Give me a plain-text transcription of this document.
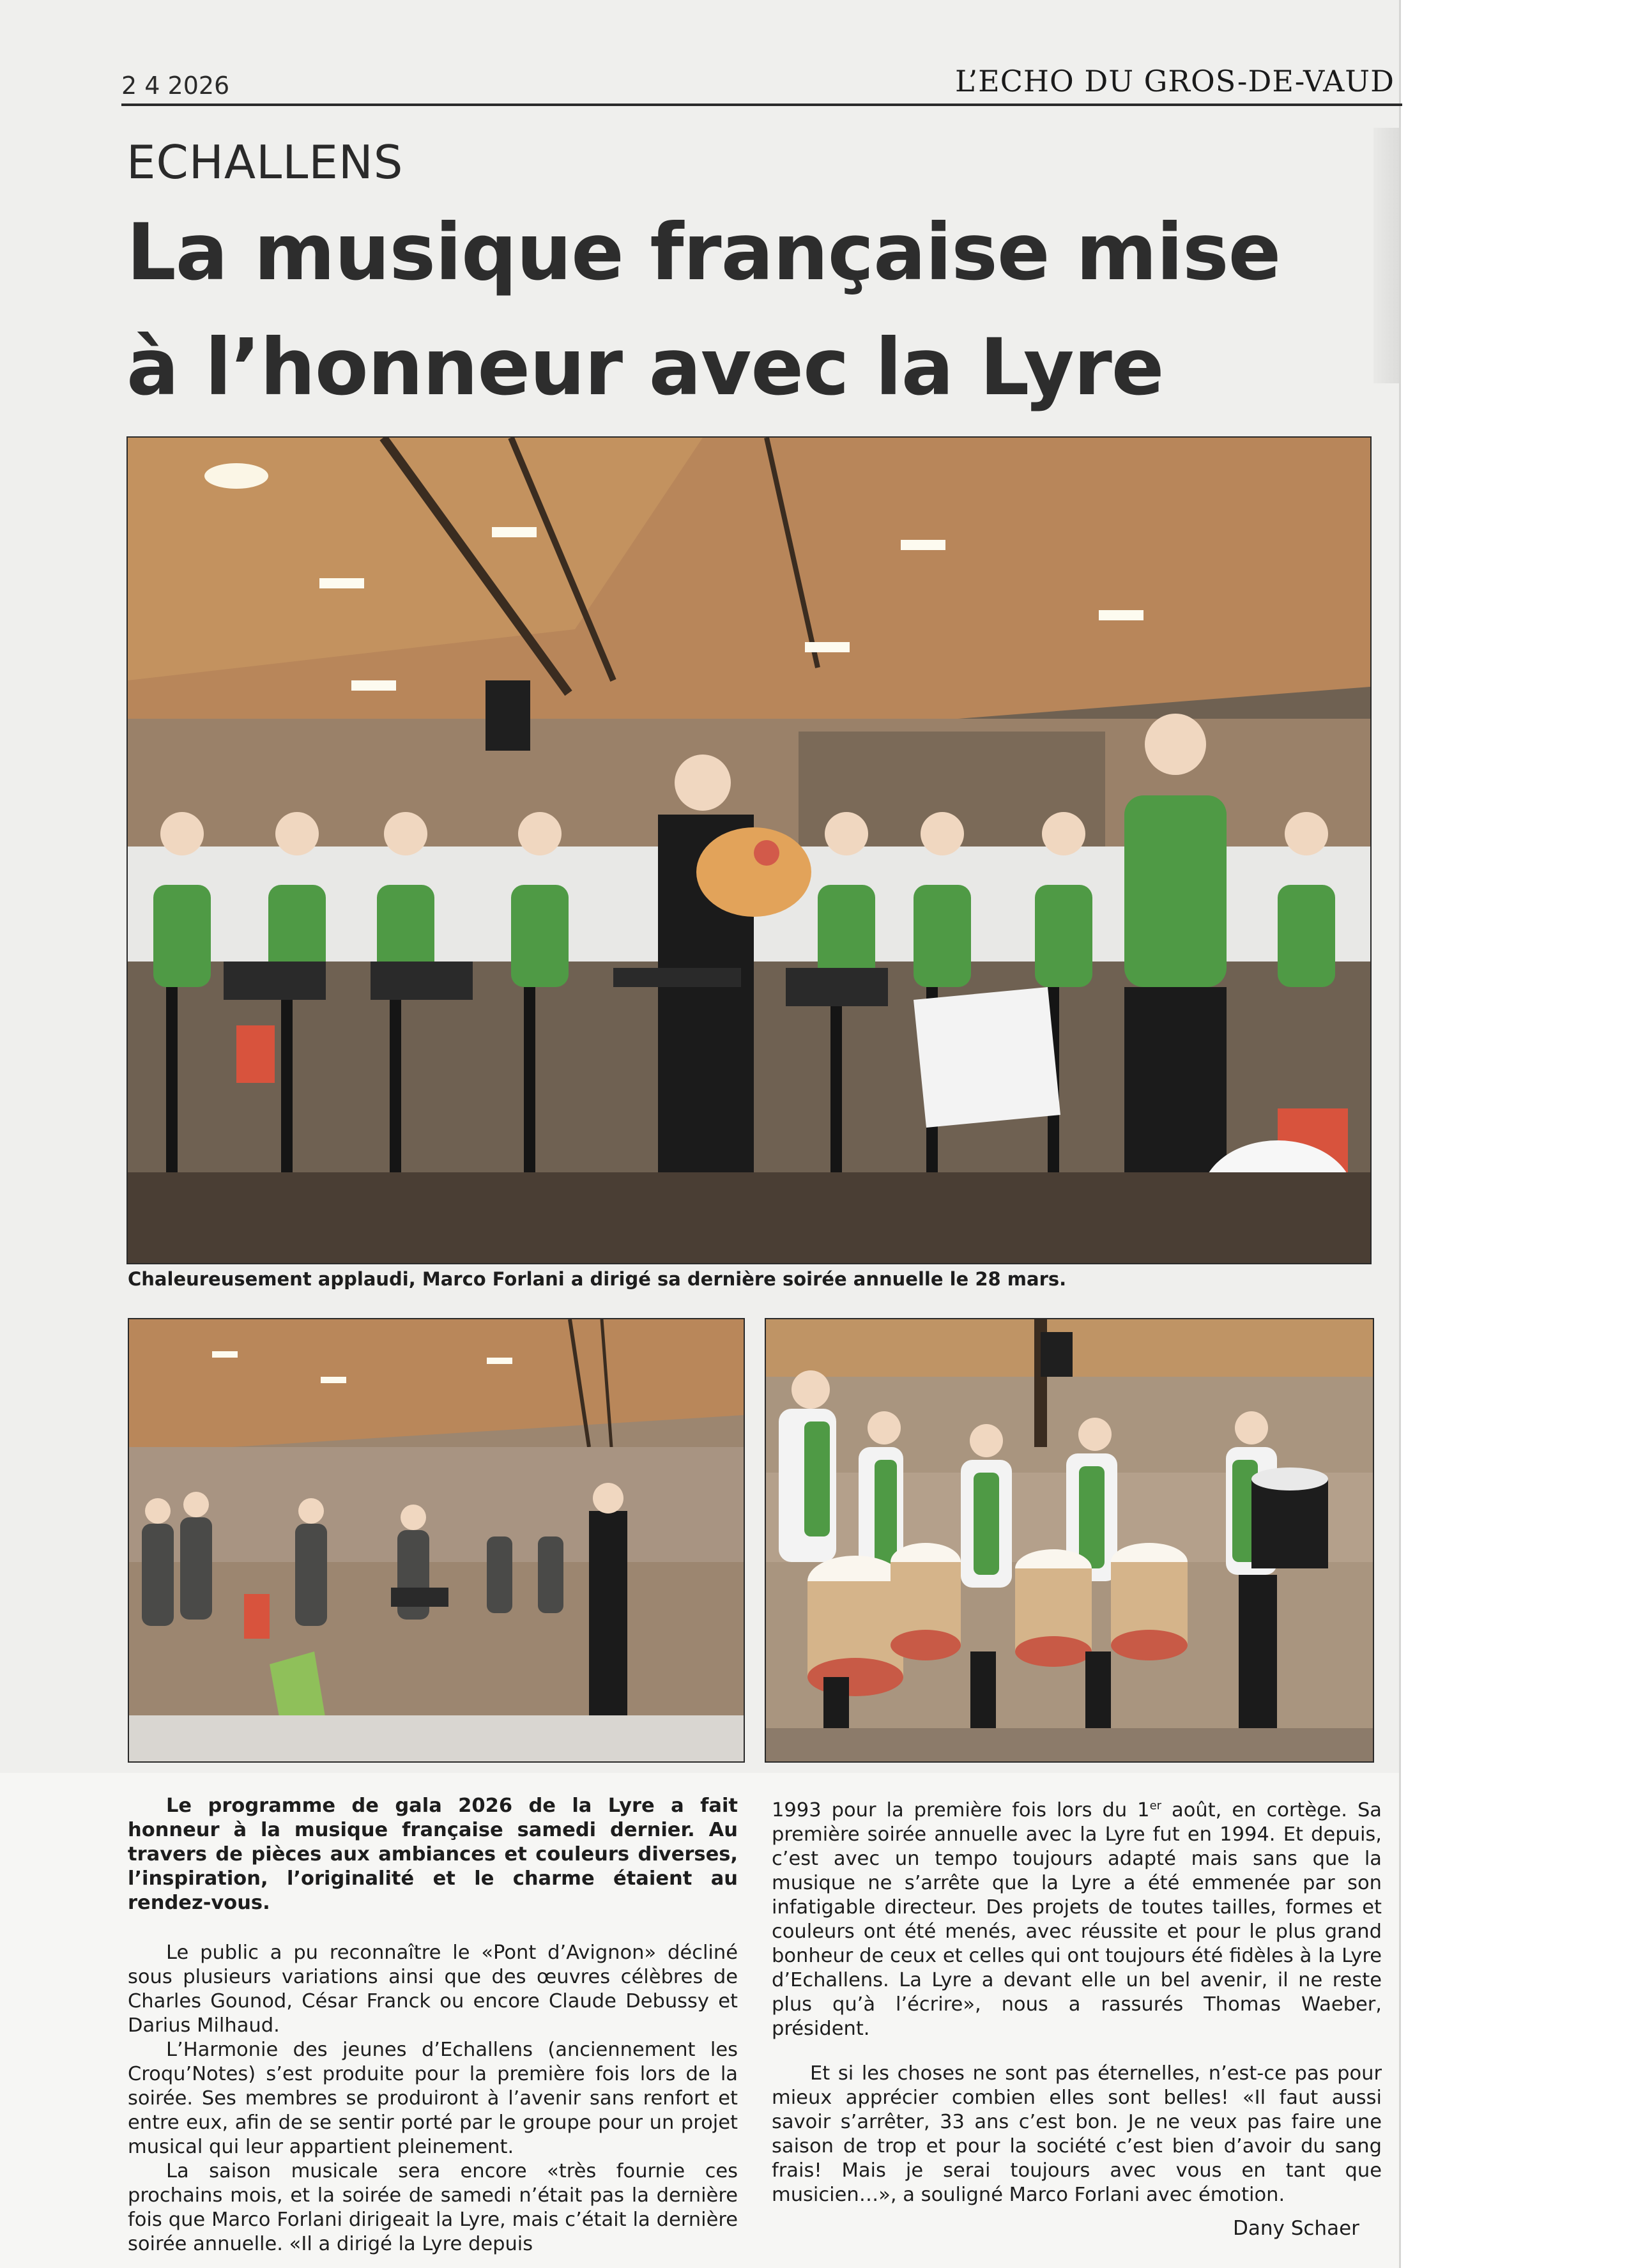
2 4 2026	L’ECHO DU GROS-DE-VAUD
ECHALLENS
La musique française mise
à l’honneur avec la Lyre
Chaleureusement applaudi, Marco Forlani a dirigé sa dernière soirée annuelle le 28 mars.

Le programme de gala 2026 de la Lyre a fait honneur à la musique française samedi dernier. Au travers de pièces aux ambiances et couleurs diverses, l’inspiration, l’originalité et le charme étaient au rendez-vous.

Le public a pu reconnaître le «Pont d’Avignon» décliné sous plusieurs variations ainsi que des œuvres célèbres de Charles Gounod, César Franck ou encore Claude Debussy et Darius Milhaud.

L’Harmonie des jeunes d’Echallens (anciennement les Croqu’Notes) s’est produite pour la première fois lors de la soirée. Ses membres se produiront à l’avenir sans renfort et entre eux, afin de se sentir porté par le groupe pour un projet musical qui leur appartient pleinement.

La saison musicale sera encore «très fournie ces prochains mois, et la soirée de samedi n’était pas la dernière fois que Marco Forlani dirigeait la Lyre, mais c’était la dernière soirée annuelle. «Il a dirigé la Lyre depuis

1993 pour la première fois lors du 1er août, en cortège. Sa première soirée annuelle avec la Lyre fut en 1994. Et depuis, c’est avec un tempo toujours adapté mais sans que la musique ne s’arrête que la Lyre a été emmenée par son infatigable directeur. Des projets de toutes tailles, formes et couleurs ont été menés, avec réussite et pour le plus grand bonheur de ceux et celles qui ont toujours été fidèles à la Lyre d’Echallens. La Lyre a devant elle un bel avenir, il ne reste plus qu’à l’écrire», nous a rassurés Thomas Waeber, président.

Et si les choses ne sont pas éternelles, n’est-ce pas pour mieux apprécier combien elles sont belles! «Il faut aussi savoir s’arrêter, 33 ans c’est bon. Je ne veux pas faire une saison de trop et pour la société c’est bien d’avoir du sang frais! Mais je serai toujours avec vous en tant que musicien…», a souligné Marco Forlani avec émotion.

Dany Schaer
